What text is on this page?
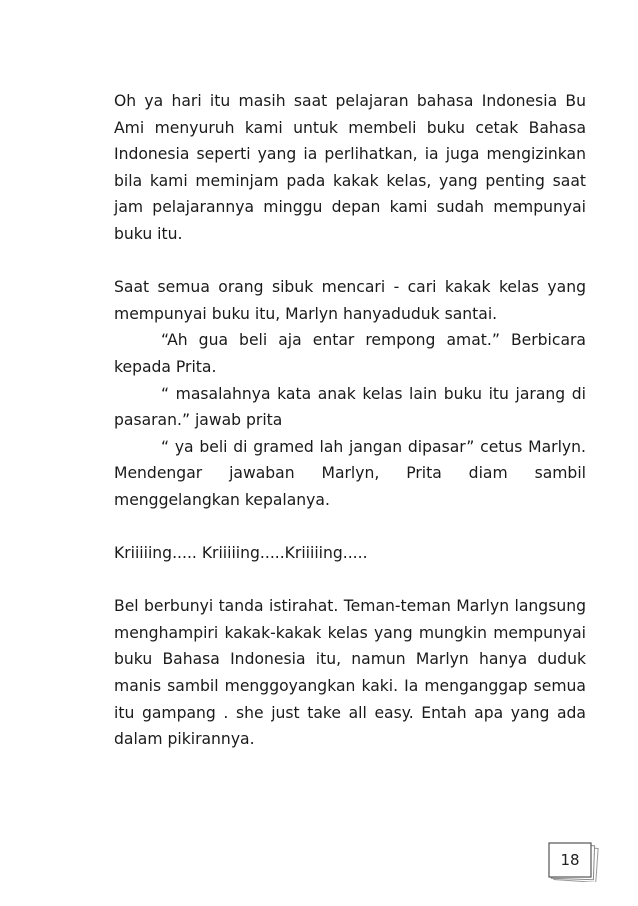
Oh ya hari itu masih saat pelajaran bahasa Indonesia Bu Ami menyuruh kami untuk membeli buku cetak Bahasa Indonesia seperti yang ia perlihatkan, ia juga mengizinkan bila kami meminjam pada kakak kelas, yang penting saat jam pelajarannya minggu depan kami sudah mempunyai buku itu.

Saat semua orang sibuk mencari - cari kakak kelas yang mempunyai buku itu, Marlyn hanyaduduk santai.

“Ah gua beli aja entar rempong amat.” Berbicara kepada Prita.

“ masalahnya kata anak kelas lain buku itu jarang di pasaran.” jawab prita

“ ya beli di gramed lah jangan dipasar” cetus Marlyn. Mendengar jawaban Marlyn, Prita diam sambil menggelangkan kepalanya.

Kriiiiing..... Kriiiiing.....Kriiiiing.....

Bel berbunyi tanda istirahat. Teman-teman Marlyn langsung menghampiri kakak-kakak kelas yang mungkin mempunyai buku Bahasa Indonesia itu, namun Marlyn hanya duduk manis sambil menggoyangkan kaki. Ia menganggap semua itu gampang . she just take all easy. Entah apa yang ada dalam pikirannya.

18
